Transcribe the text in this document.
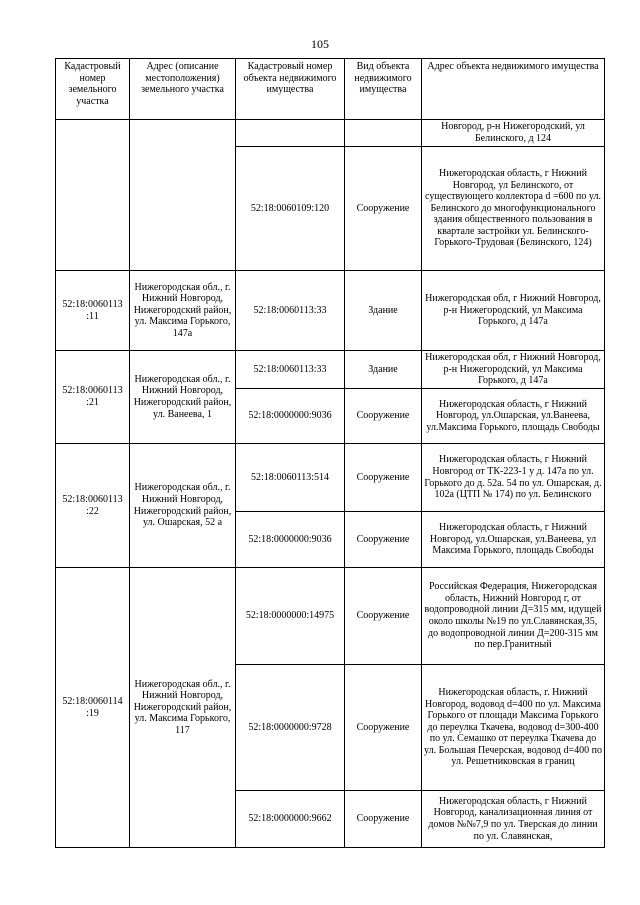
105
Кадастровый номер земельного участка	Адрес (описание местоположения) земельного участка	Кадастровый номер объекта недвижимого имущества	Вид объекта недвижимого имущества	Адрес объекта недвижимого имущества
				Новгород, р-н Нижегородский, ул Белинского, д 124
		52:18:0060109:120	Сооружение	Нижегородская область, г Нижний Новгород, ул Белинского, от существующего коллектора d =600 по ул. Белинского до многофункционального здания общественного пользования в квартале застройки ул. Белинского-Горького-Трудовая (Белинского, 124)
52:18:0060113 :11	Нижегородская обл., г. Нижний Новгород, Нижегородский район, ул. Максима Горького, 147а	52:18:0060113:33	Здание	Нижегородская обл, г Нижний Новгород, р-н Нижегородский, ул Максима Горького, д 147а
52:18:0060113 :21	Нижегородская обл., г. Нижний Новгород, Нижегородский район, ул. Ванеева, 1	52:18:0060113:33	Здание	Нижегородская обл, г Нижний Новгород, р-н Нижегородский, ул Максима Горького, д 147а
		52:18:0000000:9036	Сооружение	Нижегородская область, г Нижний Новгород, ул.Ошарская, ул.Ванеева, ул.Максима Горького, площадь Свободы
52:18:0060113 :22	Нижегородская обл., г. Нижний Новгород, Нижегородский район, ул. Ошарская, 52 а	52:18:0060113:514	Сооружение	Нижегородская область, г Нижний Новгород от ТК-223-1 у д. 147а по ул. Горького до д. 52а. 54 по ул. Ошарская, д. 102а (ЦТП № 174) по ул. Белинского
		52:18:0000000:9036	Сооружение	Нижегородская область, г Нижний Новгород, ул.Ошарская, ул.Ванеева, ул Максима Горького, площадь Свободы
52:18:0060114 :19	Нижегородская обл., г. Нижний Новгород, Нижегородский район, ул. Максима Горького, 117	52:18:0000000:14975	Сооружение	Российская Федерация, Нижегородская область, Нижний Новгород г, от водопроводной линии Д=315 мм, идущей около школы №19 по ул.Славянская,35, до водопроводной линии Д=200-315 мм по пер.Гранитный
		52:18:0000000:9728	Сооружение	Нижегородская область, г. Нижний Новгород, водовод d=400 по ул. Максима Горького от площади Максима Горького до переулка Ткачева, водовод d=300-400 по ул. Семашко от переулка Ткачева до ул. Большая Печерская, водовод d=400 по ул. Решетниковская в границ
		52:18:0000000:9662	Сооружение	Нижегородская область, г Нижний Новгород, канализационная линия от домов №№7,9 по ул. Тверская до линии по ул. Славянская,
